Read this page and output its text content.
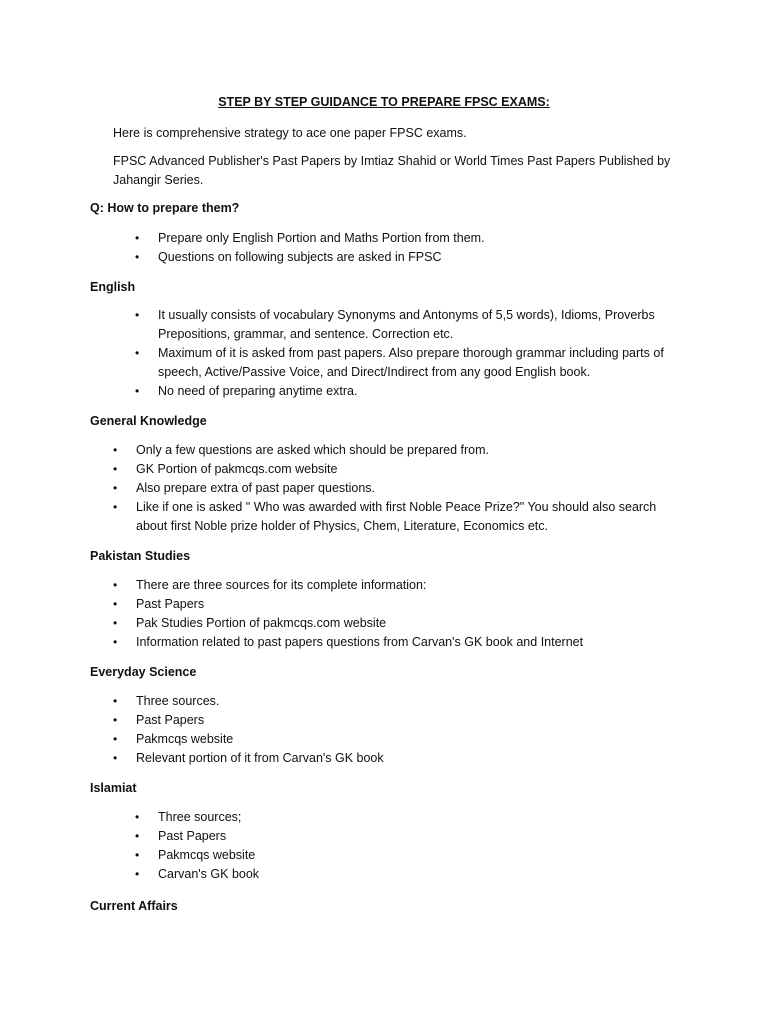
STEP BY STEP GUIDANCE TO PREPARE FPSC EXAMS:
Here is comprehensive strategy to ace one paper FPSC exams.
FPSC Advanced Publisher's Past Papers by Imtiaz Shahid or World Times Past Papers Published by Jahangir Series.
Q: How to prepare them?
• Prepare only English Portion and Maths Portion from them.
• Questions on following subjects are asked in FPSC
English
• It usually consists of vocabulary Synonyms and Antonyms of 5,5 words), Idioms, Proverbs Prepositions, grammar, and sentence. Correction etc.
• Maximum of it is asked from past papers. Also prepare thorough grammar including parts of speech, Active/Passive Voice, and Direct/Indirect from any good English book.
• No need of preparing anytime extra.
General Knowledge
• Only a few questions are asked which should be prepared from.
• GK Portion of pakmcqs.com website
• Also prepare extra of past paper questions.
• Like if one is asked " Who was awarded with first Noble Peace Prize?" You should also search about first Noble prize holder of Physics, Chem, Literature, Economics etc.
Pakistan Studies
• There are three sources for its complete information:
• Past Papers
• Pak Studies Portion of pakmcqs.com website
• Information related to past papers questions from Carvan's GK book and Internet
Everyday Science
• Three sources.
• Past Papers
• Pakmcqs website
• Relevant portion of it from Carvan's GK book
Islamiat
• Three sources;
• Past Papers
• Pakmcqs website
• Carvan's GK book
Current Affairs
